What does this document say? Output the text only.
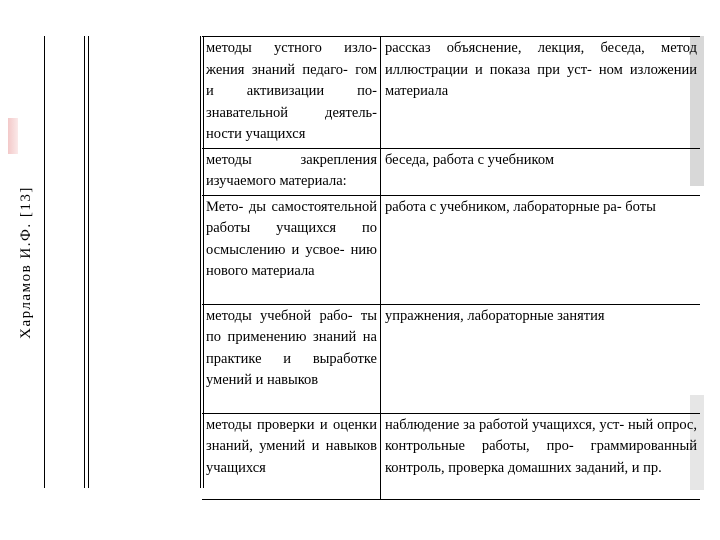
Харламов И.Ф. [13]
методы устного изло- жения знаний педаго- гом и активизации по- знавательной деятель- ности учащихся	рассказ объяснение, лекция, беседа, метод иллюстрации и показа при уст- ном изложении материала
методы закрепления изучаемого материала:	беседа, работа с учебником
Мето- ды самостоятельной работы учащихся по осмыслению и усвое- нию нового материала	работа с учебником, лабораторные ра- боты
методы учебной рабо- ты по применению знаний на практике и выработке умений и навыков	упражнения, лабораторные занятия
методы проверки и оценки знаний, умений и навыков учащихся	наблюдение за работой учащихся, уст- ный опрос, контрольные работы, про- граммированный контроль, проверка домашних заданий, и пр.
